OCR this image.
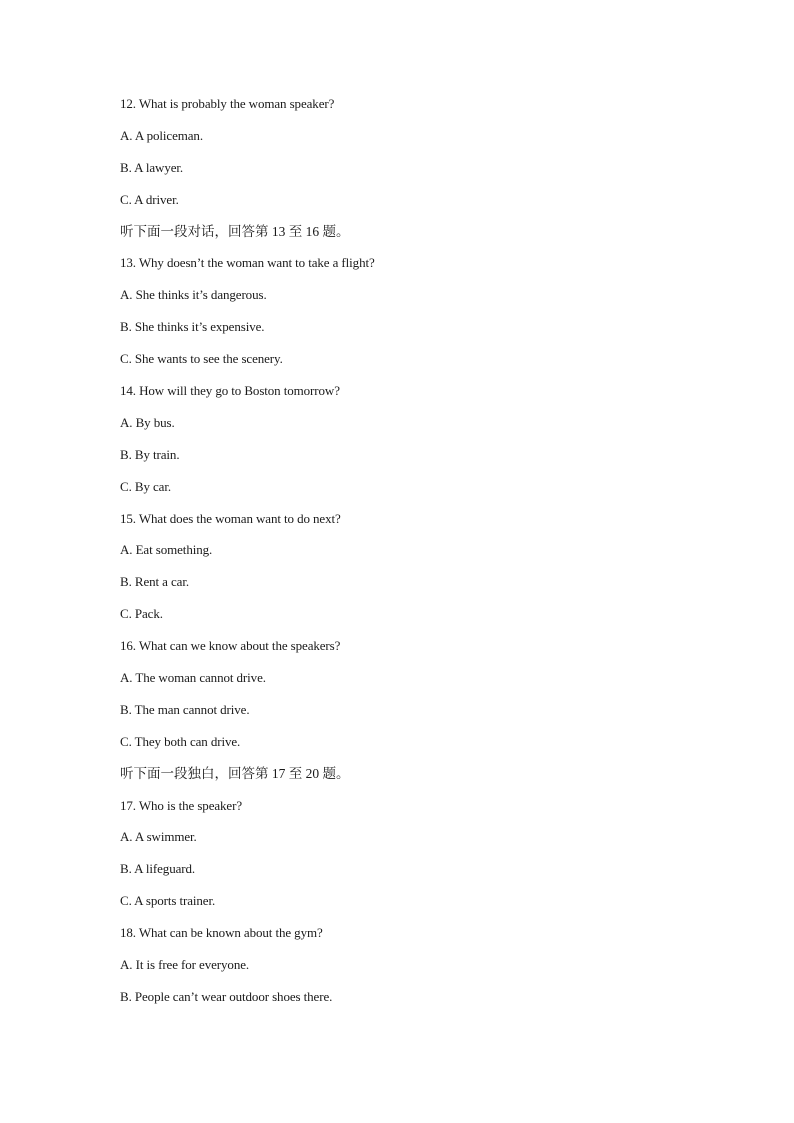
12. What is probably the woman speaker?
A. A policeman.
B. A lawyer.
C. A driver.
听下面一段对话，回答第 13 至 16 题。
13. Why doesn’t the woman want to take a flight?
A. She thinks it’s dangerous.
B. She thinks it’s expensive.
C. She wants to see the scenery.
14. How will they go to Boston tomorrow?
A. By bus.
B. By train.
C. By car.
15. What does the woman want to do next?
A. Eat something.
B. Rent a car.
C. Pack.
16. What can we know about the speakers?
A. The woman cannot drive.
B. The man cannot drive.
C. They both can drive.
听下面一段独白，回答第 17 至 20 题。
17. Who is the speaker?
A. A swimmer.
B. A lifeguard.
C. A sports trainer.
18. What can be known about the gym?
A. It is free for everyone.
B. People can’t wear outdoor shoes there.
